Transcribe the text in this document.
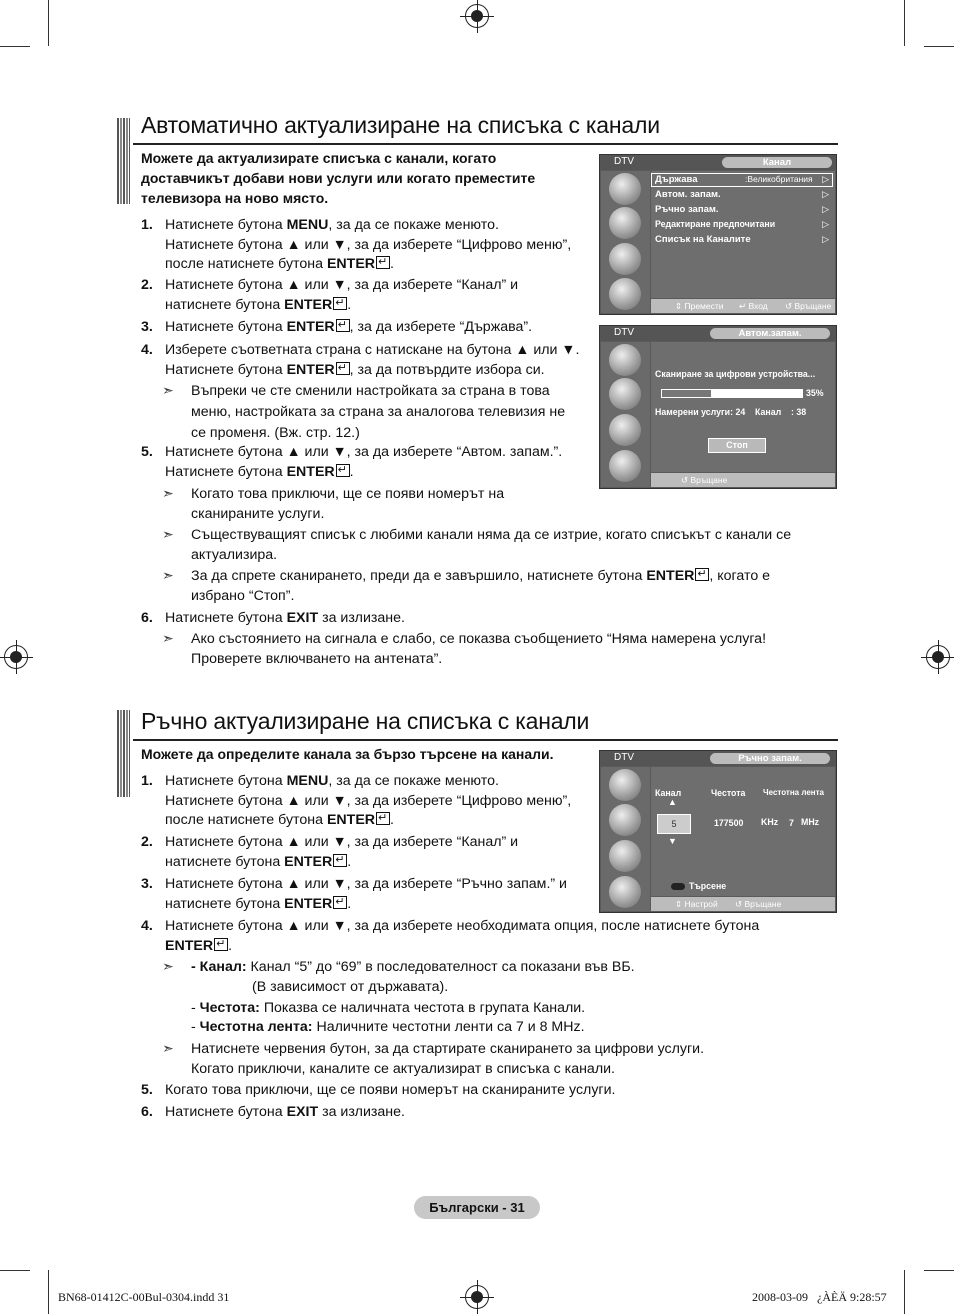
Автоматично актуализиране на списъка с канали
Можете да актуализирате списъка с канали, когато
доставчикът добави нови услуги или когато преместите
телевизора на ново място.
1. Натиснете бутона MENU, за да се покаже менюто.
Натиснете бутона ▲ или ▼, за да изберете “Цифрово меню”,
после натиснете бутона ENTER ↵ .
2. Натиснете бутона ▲ или ▼, за да изберете “Канал” и
натиснете бутона ENTER ↵ .
3. Натиснете бутона ENTER ↵ , за да изберете “Държава”.
4. Изберете съответната страна с натискане на бутона ▲ или ▼.
Натиснете бутона ENTER ↵ , за да потвърдите избора си.
5. Натиснете бутона ▲ или ▼, за да изберете “Автом. запам.”.
Натиснете бутона ENTER ↵ .
6. Натиснете бутона EXIT за излизане.
➣ Въпреки че сте сменили настройката за страна в това
меню, настройката за страна за аналогова телевизия не
се променя. (Вж. стр. 12.)
➣ Когато това приключи, ще се появи номерът на
сканираните услуги.
➣ Съществуващият списък с любими канали няма да се изтрие, когато списъкът с канали се
актуализира.
➣ За да спрете сканирането, преди да е завършило, натиснете бутона ENTER ↵ , когато е
избрано “Стоп”.
➣ Ако състоянието на сигнала е слабо, се показва съобщението “Няма намерена услуга!
Проверете включването на антената”.
DTV	Канал
Държава	:Великобритания ▷
Автом. запам.	▷
Ръчно запам.	▷
Редактиране предпочитани	▷
Списък на Каналите	▷
⇕ Премести ↵ Вход ↺ Връщане
DTV	Автом.запам.
Сканиране за цифрови устройства...
35%
Намерени услуги: 24    Канал    : 38
Стоп
↺ Връщане
Ръчно актуализиране на списъка с канали
Можете да определите канала за бързо търсене на канали.
1. Натиснете бутона MENU, за да се покаже менюто.
Натиснете бутона ▲ или ▼, за да изберете “Цифрово меню”,
после натиснете бутона ENTER ↵ .
2. Натиснете бутона ▲ или ▼, за да изберете “Канал” и
натиснете бутона ENTER ↵ .
3. Натиснете бутона ▲ или ▼, за да изберете “Ръчно запам.” и
натиснете бутона ENTER ↵ .
4. Натиснете бутона ▲ или ▼, за да изберете необходимата опция, после натиснете бутона
ENTER ↵ .
5. Когато това приключи, ще се появи номерът на сканираните услуги.
6. Натиснете бутона EXIT за излизане.
➣ - Канал: Канал “5” до “69” в последователност са показани във ВБ.
(В зависимост от държавата).
- Честота: Показва се наличната честота в групата Канали.
- Честотна лента: Наличните честотни ленти са 7 и 8 MHz.
➣ Натиснете червения бутон, за да стартирате сканирането за цифрови услуги.
Когато приключи, каналите се актуализират в списъка с канали.
DTV	Ръчно запам.
Канал	Честота Честотна лента
▲
5
▼
177500 KHz 7 MHz
Търсене
⇕ Настрой ↺ Връщане
Български - 31
BN68-01412C-00Bul-0304.indd 31	2008-03-09   ¿ÀÈÄ 9:28:57
